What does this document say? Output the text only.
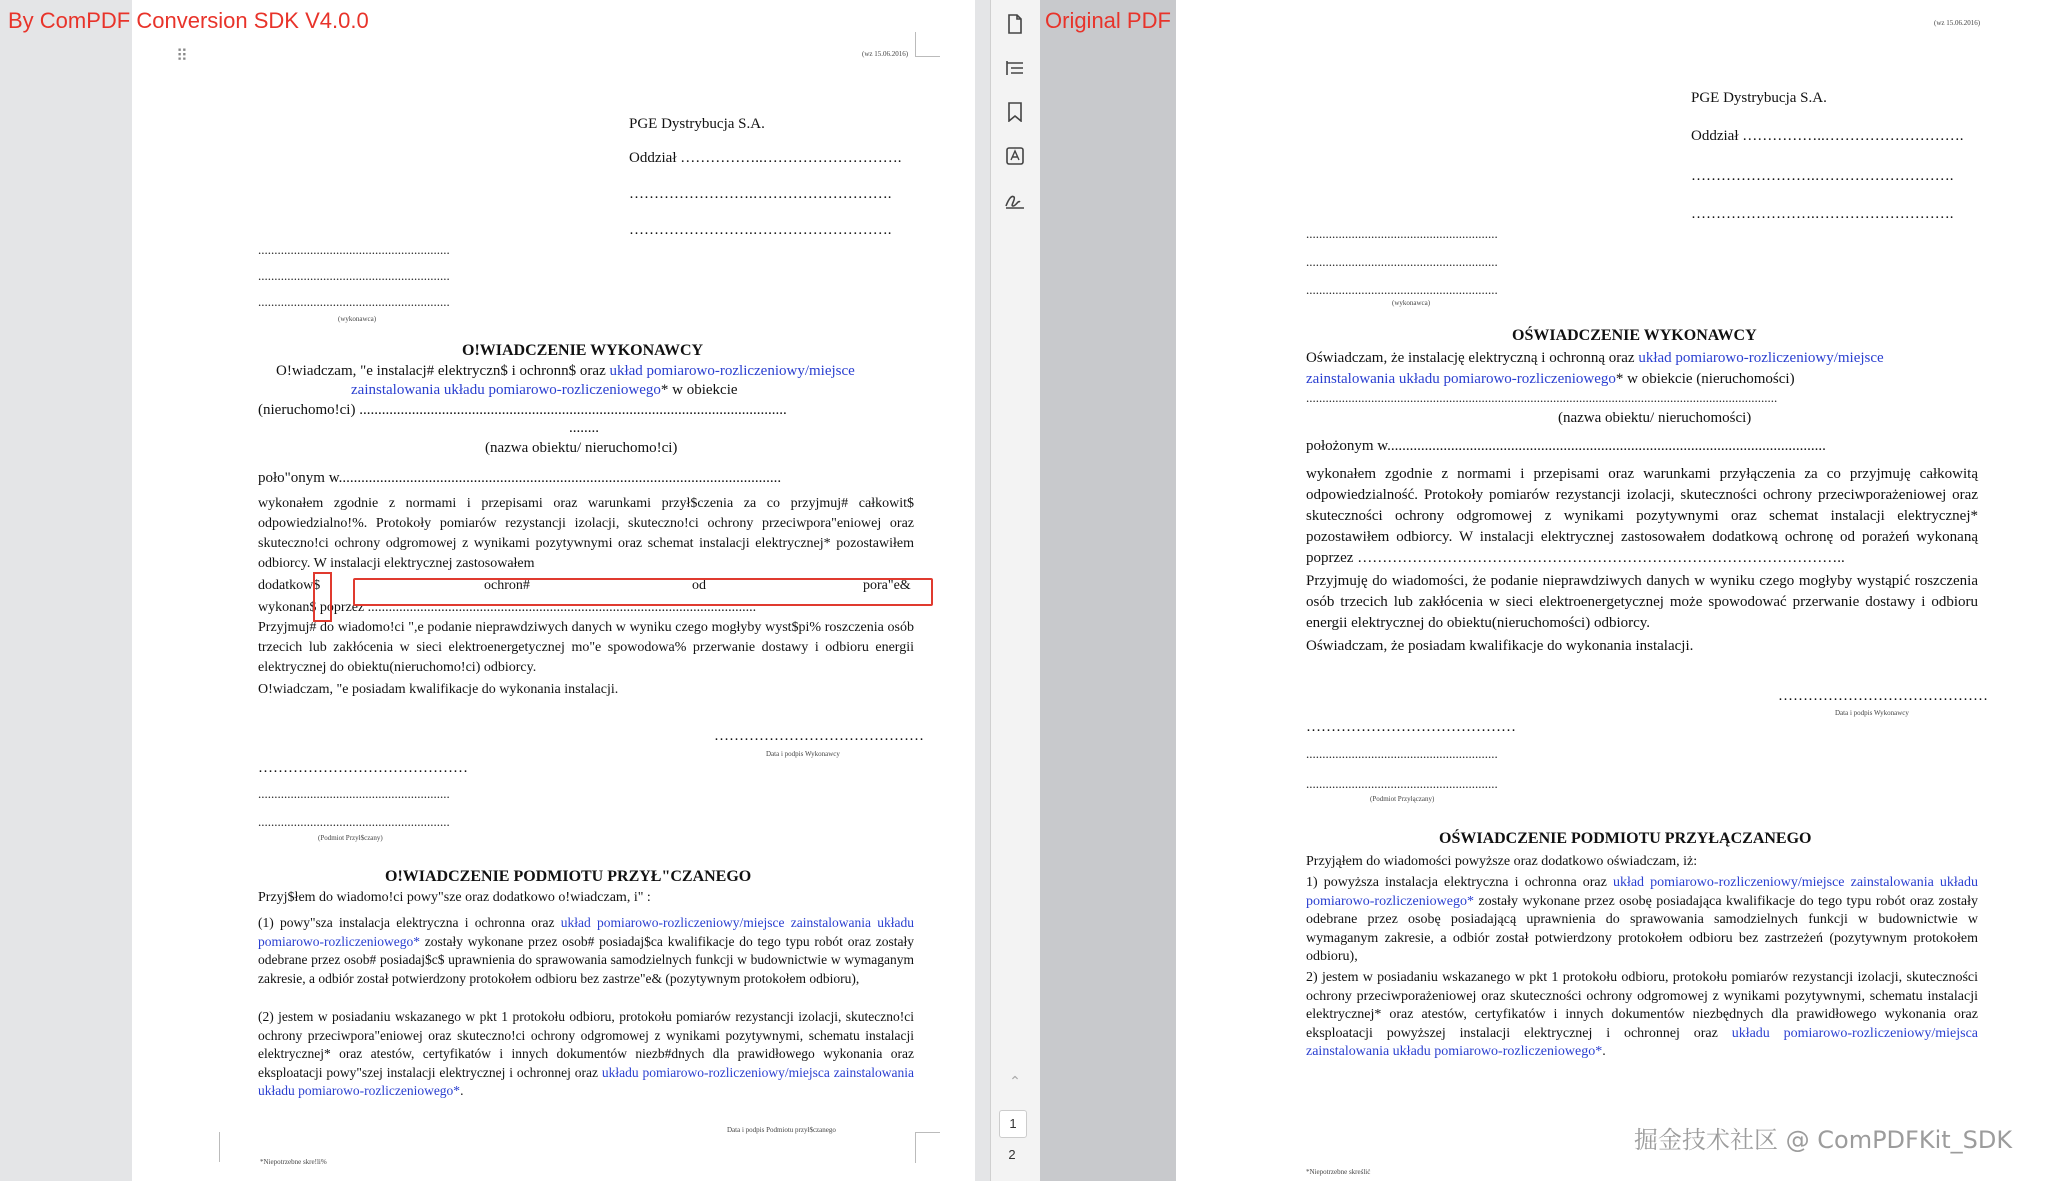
By ComPDF Conversion SDK V4.0.0
⠿	(wz 15.06.2016)
PGE Dystrybucja S.A.
Oddział ……………..……………………….
…………………….……………………….
…………………….……………………….
...........................................................
...........................................................
...........................................................
(wykonawca)
O!WIADCZENIE WYKONAWCY
O!wiadczam, "e instalacj# elektryczn$ i ochronn$ oraz układ pomiarowo-rozliczeniowy/miejsce
zainstalowania układu pomiarowo-rozliczeniowego* w obiekcie
(nieruchomo!ci) ..................................................................................................................
........
(nazwa obiektu/ nieruchomo!ci)
poło"onym w......................................................................................................................
wykonałem zgodnie z normami i przepisami oraz warunkami przył$czenia za co przyjmuj# całkowit$ odpowiedzialno!%. Protokoły pomiarów rezystancji izolacji, skuteczno!ci ochrony przeciwpora"eniowej oraz skuteczno!ci ochrony odgromowej z wynikami pozytywnymi oraz schemat instalacji elektrycznej* pozostawiłem odbiorcy. W instalacji elektrycznej zastosowałem
dodatkow$	ochron#	od	pora"e&
wykonan$ poprzez ...............................................................................................................
Przyjmuj# do wiadomo!ci ",e podanie nieprawdziwych danych w wyniku czego mogłyby wyst$pi% roszczenia osób trzecich lub zakłócenia w sieci elektroenergetycznej mo"e spowodowa% przerwanie dostawy i odbioru energii elektrycznej do obiektu(nieruchomo!ci) odbiorcy.
O!wiadczam, "e posiadam kwalifikacje do wykonania instalacji.
……………………………………
Data i podpis Wykonawcy
……………………………………
...........................................................
...........................................................
(Podmiot Przył$czany)
O!WIADCZENIE PODMIOTU PRZYŁ"CZANEGO
Przyj$łem do wiadomo!ci powy"sze oraz dodatkowo o!wiadczam, i" :
(1) powy"sza instalacja elektryczna i ochronna oraz układ pomiarowo-rozliczeniowy/miejsce zainstalowania układu pomiarowo-rozliczeniowego* zostały wykonane przez osob# posiadaj$ca kwalifikacje do tego typu robót oraz zostały odebrane przez osob# posiadaj$c$ uprawnienia do sprawowania samodzielnych funkcji w budownictwie w wymaganym zakresie, a odbiór został potwierdzony protokołem odbioru bez zastrze"e& (pozytywnym protokołem odbioru),
(2) jestem w posiadaniu wskazanego w pkt 1 protokołu odbioru, protokołu pomiarów rezystancji izolacji, skuteczno!ci ochrony przeciwpora"eniowej oraz skuteczno!ci ochrony odgromowej z wynikami pozytywnymi, schematu instalacji elektrycznej* oraz atestów, certyfikatów i innych dokumentów niezb#dnych dla prawidłowego wykonania oraz eksploatacji powy"szej instalacji elektrycznej i ochronnej oraz układu pomiarowo-rozliczeniowy/miejsca zainstalowania układu pomiarowo-rozliczeniowego*.
Data i podpis Podmiotu przył$czanego
*Niepotrzebne skre!li%
⌃
1
2
Original PDF	(wz 15.06.2016)
PGE Dystrybucja S.A.
Oddział ……………..……………………….
…………………….……………………….
…………………….……………………….
...........................................................
...........................................................
...........................................................
(wykonawca)
OŚWIADCZENIE WYKONAWCY
Oświadczam, że instalację elektryczną i ochronną oraz układ pomiarowo-rozliczeniowy/miejsce
zainstalowania układu pomiarowo-rozliczeniowego* w obiekcie (nieruchomości)
.................................................................................................................................................
(nazwa obiektu/ nieruchomości)
położonym w.....................................................................................................................
wykonałem zgodnie z normami i przepisami oraz warunkami przyłączenia za co przyjmuję całkowitą odpowiedzialność. Protokoły pomiarów rezystancji izolacji, skuteczności ochrony przeciwporażeniowej oraz skuteczności ochrony odgromowej z wynikami pozytywnymi oraz schemat instalacji elektrycznej* pozostawiłem odbiorcy. W instalacji elektrycznej zastosowałem dodatkową ochronę od porażeń wykonaną poprzez ……………………………………………………………………………………..
Przyjmuję do wiadomości, że podanie nieprawdziwych danych w wyniku czego mogłyby wystąpić roszczenia osób trzecich lub zakłócenia w sieci elektroenergetycznej może spowodować przerwanie dostawy i odbioru energii elektrycznej do obiektu(nieruchomości) odbiorcy.
Oświadczam, że posiadam kwalifikacje do wykonania instalacji.
……………………………………
Data i podpis Wykonawcy
……………………………………
...........................................................
...........................................................
(Podmiot Przyłączany)
OŚWIADCZENIE PODMIOTU PRZYŁĄCZANEGO
Przyjąłem do wiadomości powyższe oraz dodatkowo oświadczam, iż:
1) powyższa instalacja elektryczna i ochronna oraz układ pomiarowo-rozliczeniowy/miejsce zainstalowania układu pomiarowo-rozliczeniowego* zostały wykonane przez osobę posiadająca kwalifikacje do tego typu robót oraz zostały odebrane przez osobę posiadającą uprawnienia do sprawowania samodzielnych funkcji w budownictwie w wymaganym zakresie, a odbiór został potwierdzony protokołem odbioru bez zastrzeżeń (pozytywnym protokołem odbioru),
2) jestem w posiadaniu wskazanego w pkt 1 protokołu odbioru, protokołu pomiarów rezystancji izolacji, skuteczności ochrony przeciwporażeniowej oraz skuteczności ochrony odgromowej z wynikami pozytywnymi, schematu instalacji elektrycznej* oraz atestów, certyfikatów i innych dokumentów niezbędnych dla prawidłowego wykonania oraz eksploatacji powyższej instalacji elektrycznej i ochronnej oraz układu pomiarowo-rozliczeniowy/miejsca zainstalowania układu pomiarowo-rozliczeniowego*.
*Niepotrzebne skreślić
掘金技术社区 @ ComPDFKit_SDK
